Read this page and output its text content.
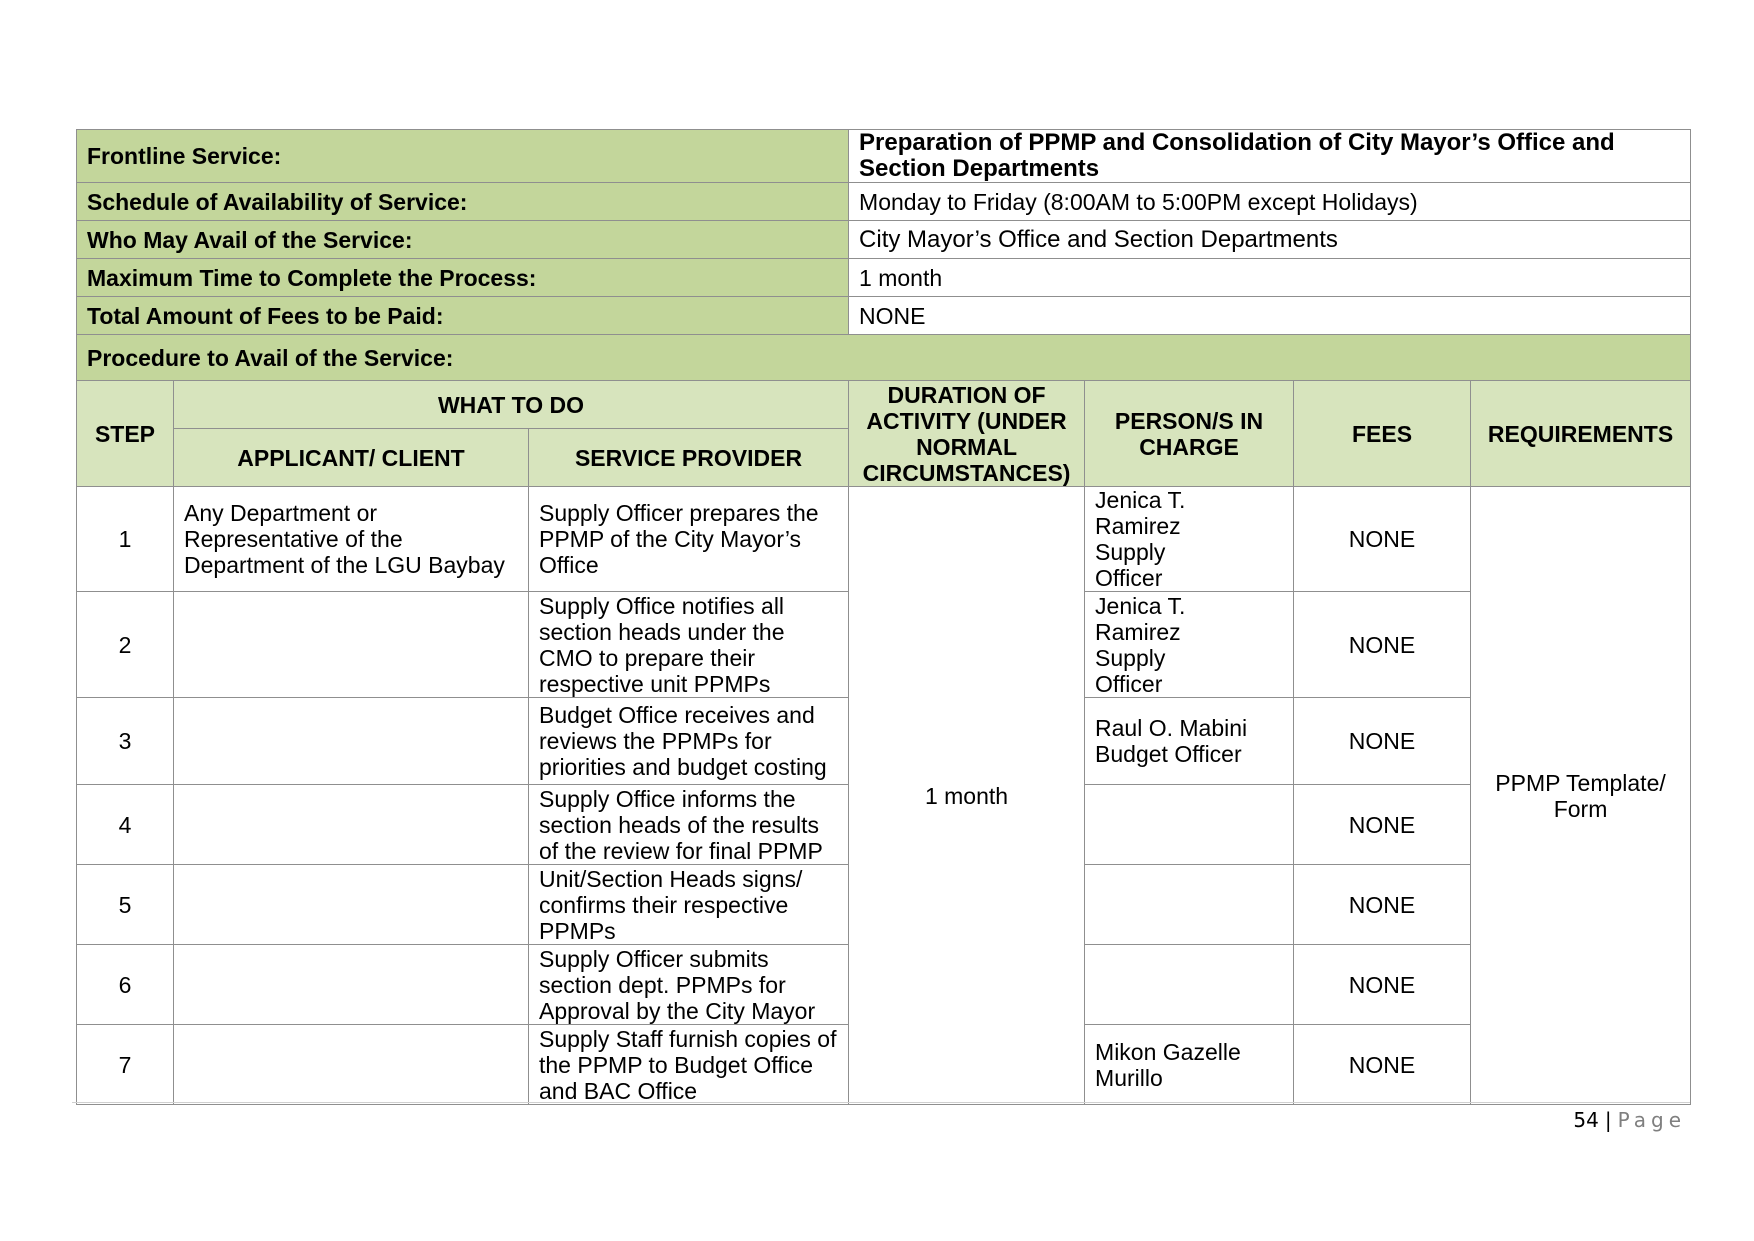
Frontline Service:			Preparation of PPMP and Consolidation of City Mayor’s Office and Section Departments			
Schedule of Availability of Service:			Monday to Friday (8:00AM to 5:00PM except Holidays)			
Who May Avail of the Service:			City Mayor’s Office and Section Departments			
Maximum Time to Complete the Process:			1 month			
Total Amount of Fees to be Paid:			NONE			
Procedure to Avail of the Service:						
STEP	WHAT TO DO		DURATION OF ACTIVITY (UNDER NORMAL CIRCUMSTANCES)	PERSON/S IN CHARGE	FEES	REQUIREMENTS
	APPLICANT/ CLIENT	SERVICE PROVIDER				
1	Any Department or Representative of the Department of the LGU Baybay	Supply Officer prepares the PPMP of the City Mayor’s Office	1 month	Jenica T. Ramirez Supply Officer	NONE	PPMP Template/ Form
2		Supply Office notifies all section heads under the CMO to prepare their respective unit PPMPs		Jenica T. Ramirez Supply Officer	NONE	
3		Budget Office receives and reviews the PPMPs for priorities and budget costing		Raul O. Mabini Budget Officer	NONE	
4		Supply Office informs the section heads of the results of the review for final PPMP			NONE	
5		Unit/Section Heads signs/ confirms their respective PPMPs			NONE	
6		Supply Officer submits section dept. PPMPs for Approval by the City Mayor			NONE	
7		Supply Staff furnish copies of the PPMP to Budget Office and BAC Office		Mikon Gazelle Murillo	NONE	
54 | Page
